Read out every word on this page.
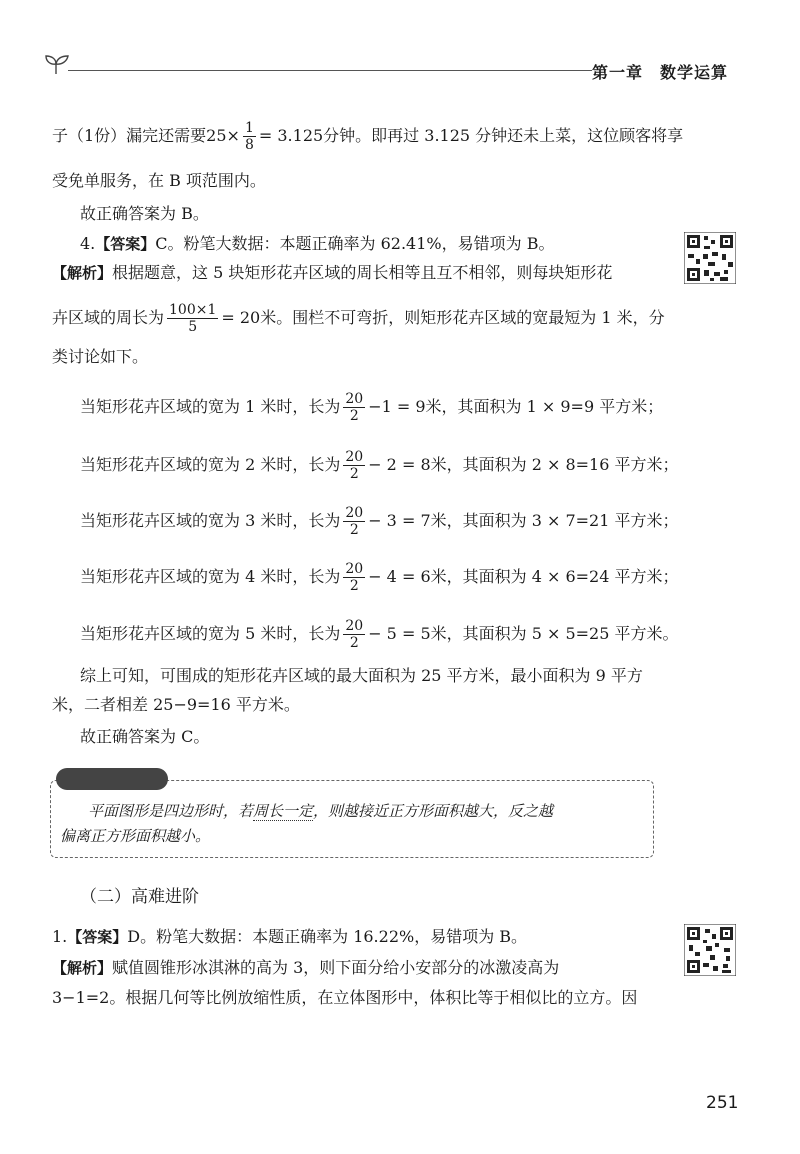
第一章　数学运算
子（1份）漏完还需要$25\times \frac{1}{8} = 3.125$分钟。即再过 3.125 分钟还未上菜，这位顾客将享
受免单服务，在 B 项范围内。
故正确答案为 B。
4.【答案】C。粉笔大数据：本题正确率为 62.41%，易错项为 B。
【解析】根据题意，这 5 块矩形花卉区域的周长相等且互不相邻，则每块矩形花
卉区域的周长为 $\frac{100\times 1}{5} = 20$米。围栏不可弯折，则矩形花卉区域的宽最短为 1 米，分
类讨论如下。
当矩形花卉区域的宽为 1 米时，长为 $\frac{20}{2} -1 = 9$米，其面积为 1 × 9=9 平方米；
当矩形花卉区域的宽为 2 米时，长为 $\frac{20}{2} - 2 = 8$米，其面积为 2 × 8=16 平方米；
当矩形花卉区域的宽为 3 米时，长为 $\frac{20}{2} - 3 = 7$米，其面积为 3 × 7=21 平方米；
当矩形花卉区域的宽为 4 米时，长为 $\frac{20}{2} - 4 = 6$米，其面积为 4 × 6=24 平方米；
当矩形花卉区域的宽为 5 米时，长为 $\frac{20}{2} - 5 = 5$米，其面积为 5 × 5=25 平方米。
综上可知，可围成的矩形花卉区域的最大面积为 25 平方米，最小面积为 9 平方
米，二者相差 25−9=16 平方米。
故正确答案为 C。
平面图形是四边形时，若周长一定，则越接近正方形面积越大，反之越
偏离正方形面积越小。
（二）高难进阶
1.【答案】D。粉笔大数据：本题正确率为 16.22%，易错项为 B。
【解析】赋值圆锥形冰淇淋的高为 3，则下面分给小安部分的冰激凌高为
3−1=2。根据几何等比例放缩性质，在立体图形中，体积比等于相似比的立方。因
251
